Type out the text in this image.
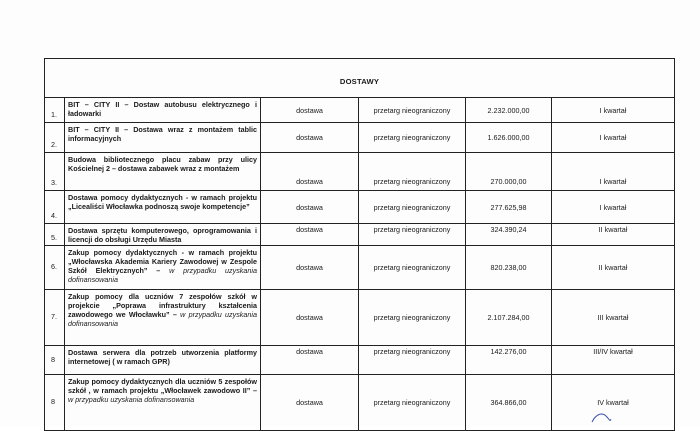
DOSTAWY					
1.	BIT – CITY II – Dostaw autobusu elektrycznego i ładowarki	dostawa	przetarg nieograniczony	2.232.000,00	I kwartał
2.	BIT – CITY II – Dostawa wraz z montażem tablic informacyjnych	dostawa	przetarg nieograniczony	1.626.000,00	I kwartał
3.	Budowa bibliotecznego placu zabaw przy ulicy Kościelnej 2 – dostawa zabawek wraz z montażem	dostawa	przetarg nieograniczony	270.000,00	I kwartał
4.	Dostawa pomocy dydaktycznych - w ramach projektu „Licealiści Włocławka podnoszą swoje kompetencje”	dostawa	przetarg nieograniczony	277.625,98	I kwartał
5.	Dostawa sprzętu komputerowego, oprogramowania i licencji do obsługi Urzędu Miasta	dostawa	przetarg nieograniczony	324.390,24	II kwartał
6.	Zakup pomocy dydaktycznych - w ramach projektu „Włocławska Akademia Kariery Zawodowej w Zespole Szkół Elektrycznych” – w przypadku uzyskania dofinansowania	dostawa	przetarg nieograniczony	820.238,00	II kwartał
7.	Zakup pomocy dla uczniów 7 zespołów szkół w projekcie „Poprawa infrastruktury kształcenia zawodowego we Włocławku” – w przypadku uzyskania dofinansowania	dostawa	przetarg nieograniczony	2.107.284,00	III kwartał
8	Dostawa serwera dla potrzeb utworzenia platformy internetowej ( w ramach GPR)	dostawa	przetarg nieograniczony	142.276,00	III/IV kwartał
8	Zakup pomocy dydaktycznych dla uczniów 5 zespołów szkół , w ramach projektu „Włocławek zawodowo II” – w przypadku uzyskania dofinansowania	dostawa	przetarg nieograniczony	364.866,00	IV kwartał
